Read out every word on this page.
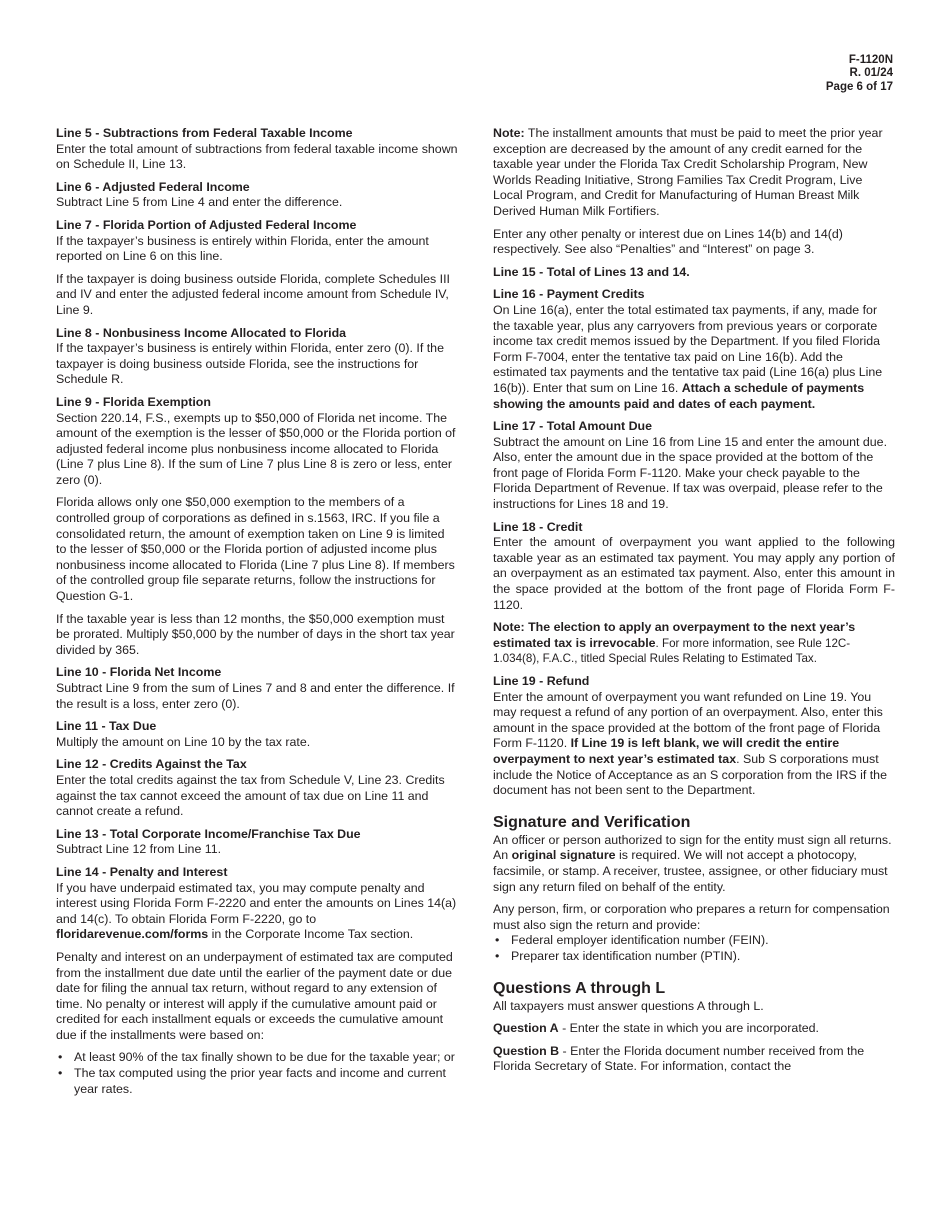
F-1120N
R. 01/24
Page 6 of 17
Line 5 - Subtractions from Federal Taxable Income
Enter the total amount of subtractions from federal taxable income shown on Schedule II, Line 13.
Line 6 - Adjusted Federal Income
Subtract Line 5 from Line 4 and enter the difference.
Line 7 - Florida Portion of Adjusted Federal Income
If the taxpayer’s business is entirely within Florida, enter the amount reported on Line 6 on this line.

If the taxpayer is doing business outside Florida, complete Schedules III and IV and enter the adjusted federal income amount from Schedule IV, Line 9.

Line 8 - Nonbusiness Income Allocated to Florida
If the taxpayer’s business is entirely within Florida, enter zero (0). If the taxpayer is doing business outside Florida, see the instructions for Schedule R.
Line 9 - Florida Exemption
Section 220.14, F.S., exempts up to $50,000 of Florida net income. The amount of the exemption is the lesser of $50,000 or the Florida portion of adjusted federal income plus nonbusiness income allocated to Florida (Line 7 plus Line 8). If the sum of Line 7 plus Line 8 is zero or less, enter zero (0).

Florida allows only one $50,000 exemption to the members of a controlled group of corporations as defined in s.1563, IRC. If you file a consolidated return, the amount of exemption taken on Line 9 is limited to the lesser of $50,000 or the Florida portion of adjusted income plus nonbusiness income allocated to Florida (Line 7 plus Line 8). If members of the controlled group file separate returns, follow the instructions for Question G-1.

If the taxable year is less than 12 months, the $50,000 exemption must be prorated. Multiply $50,000 by the number of days in the short tax year divided by 365.

Line 10 - Florida Net Income
Subtract Line 9 from the sum of Lines 7 and 8 and enter the difference. If the result is a loss, enter zero (0).
Line 11 - Tax Due
Multiply the amount on Line 10 by the tax rate.
Line 12 - Credits Against the Tax
Enter the total credits against the tax from Schedule V, Line 23. Credits against the tax cannot exceed the amount of tax due on Line 11 and cannot create a refund.
Line 13 - Total Corporate Income/Franchise Tax Due
Subtract Line 12 from Line 11.
Line 14 - Penalty and Interest
If you have underpaid estimated tax, you may compute penalty and interest using Florida Form F-2220 and enter the amounts on Lines 14(a) and 14(c). To obtain Florida Form F-2220, go to floridarevenue.com/forms in the Corporate Income Tax section.

Penalty and interest on an underpayment of estimated tax are computed from the installment due date until the earlier of the payment date or due date for filing the annual tax return, without regard to any extension of time. No penalty or interest will apply if the cumulative amount paid or credited for each installment equals or exceeds the cumulative amount due if the installments were based on:

• At least 90% of the tax finally shown to be due for the taxable year; or
• The tax computed using the prior year facts and income and current year rates.

Note: The installment amounts that must be paid to meet the prior year exception are decreased by the amount of any credit earned for the taxable year under the Florida Tax Credit Scholarship Program, New Worlds Reading Initiative, Strong Families Tax Credit Program, Live Local Program, and Credit for Manufacturing of Human Breast Milk Derived Human Milk Fortifiers.

Enter any other penalty or interest due on Lines 14(b) and 14(d) respectively. See also “Penalties” and “Interest” on page 3.

Line 15 - Total of Lines 13 and 14.
Line 16 - Payment Credits
On Line 16(a), enter the total estimated tax payments, if any, made for the taxable year, plus any carryovers from previous years or corporate income tax credit memos issued by the Department. If you filed Florida Form F-7004, enter the tentative tax paid on Line 16(b). Add the estimated tax payments and the tentative tax paid (Line 16(a) plus Line 16(b)). Enter that sum on Line 16. Attach a schedule of payments showing the amounts paid and dates of each payment.
Line 17 - Total Amount Due
Subtract the amount on Line 16 from Line 15 and enter the amount due. Also, enter the amount due in the space provided at the bottom of the front page of Florida Form F-1120. Make your check payable to the Florida Department of Revenue. If tax was overpaid, please refer to the instructions for Lines 18 and 19.
Line 18 - Credit
Enter the amount of overpayment you want applied to the following taxable year as an estimated tax payment. You may apply any portion of an overpayment as an estimated tax payment. Also, enter this amount in the space provided at the bottom of the front page of Florida Form F-1120.

Note: The election to apply an overpayment to the next year’s estimated tax is irrevocable. For more information, see Rule 12C-1.034(8), F.A.C., titled Special Rules Relating to Estimated Tax.

Line 19 - Refund
Enter the amount of overpayment you want refunded on Line 19. You may request a refund of any portion of an overpayment. Also, enter this amount in the space provided at the bottom of the front page of Florida Form F-1120. If Line 19 is left blank, we will credit the entire overpayment to next year’s estimated tax. Sub S corporations must include the Notice of Acceptance as an S corporation from the IRS if the document has not been sent to the Department.
Signature and Verification

An officer or person authorized to sign for the entity must sign all returns. An original signature is required. We will not accept a photocopy, facsimile, or stamp. A receiver, trustee, assignee, or other fiduciary must sign any return filed on behalf of the entity.

Any person, firm, or corporation who prepares a return for compensation must also sign the return and provide:

• Federal employer identification number (FEIN).
• Preparer tax identification number (PTIN).
Questions A through L

All taxpayers must answer questions A through L.

Question A - Enter the state in which you are incorporated.

Question B - Enter the Florida document number received from the Florida Secretary of State. For information, contact the
